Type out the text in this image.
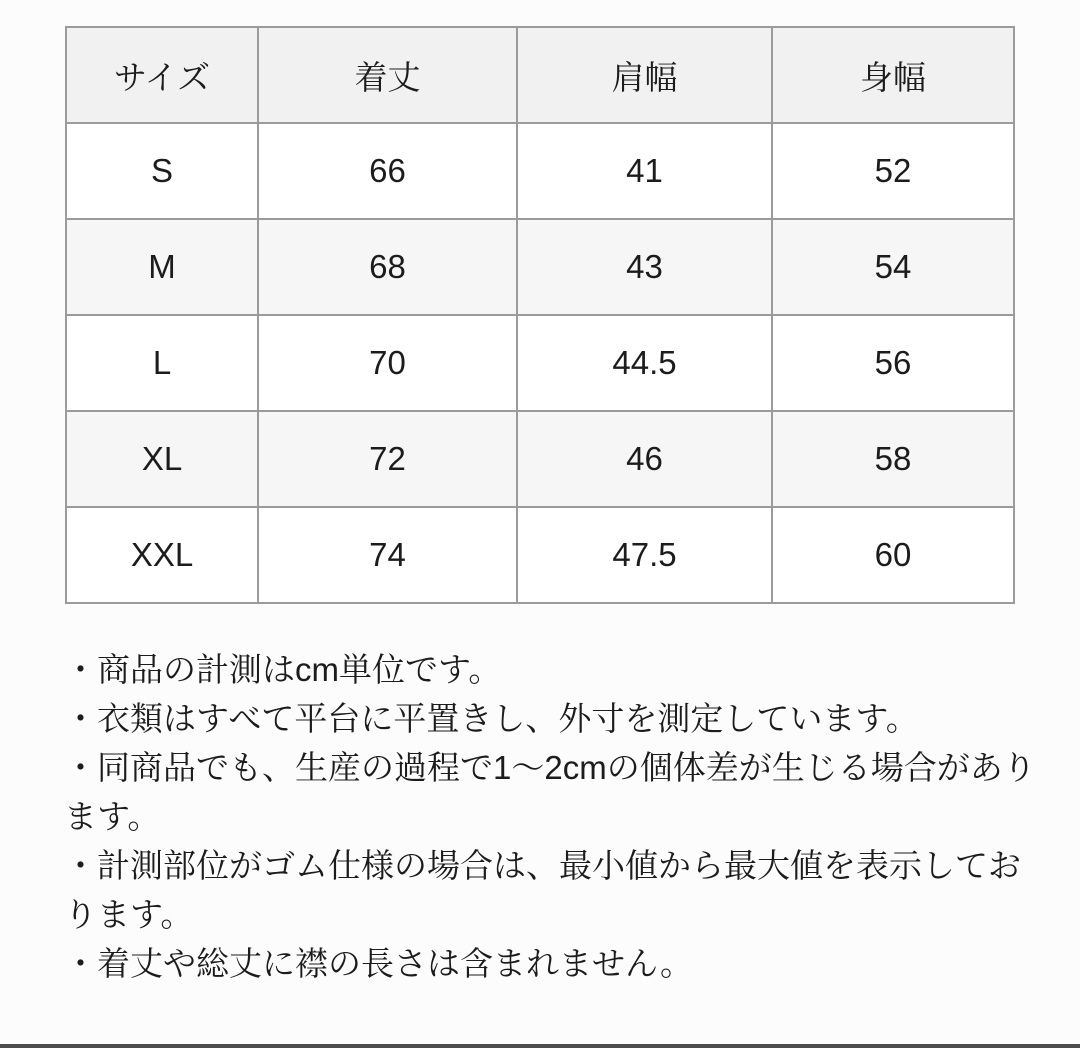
サイズ	着丈	肩幅	身幅
S	66	41	52
M	68	43	54
L	70	44.5	56
XL	72	46	58
XXL	74	47.5	60

・商品の計測はcm単位です。

・衣類はすべて平台に平置きし、外寸を測定しています。

・同商品でも、生産の過程で1〜2cmの個体差が生じる場合があり

ます。

・計測部位がゴム仕様の場合は、最小値から最大値を表示してお

ります。

・着丈や総丈に襟の長さは含まれません。
